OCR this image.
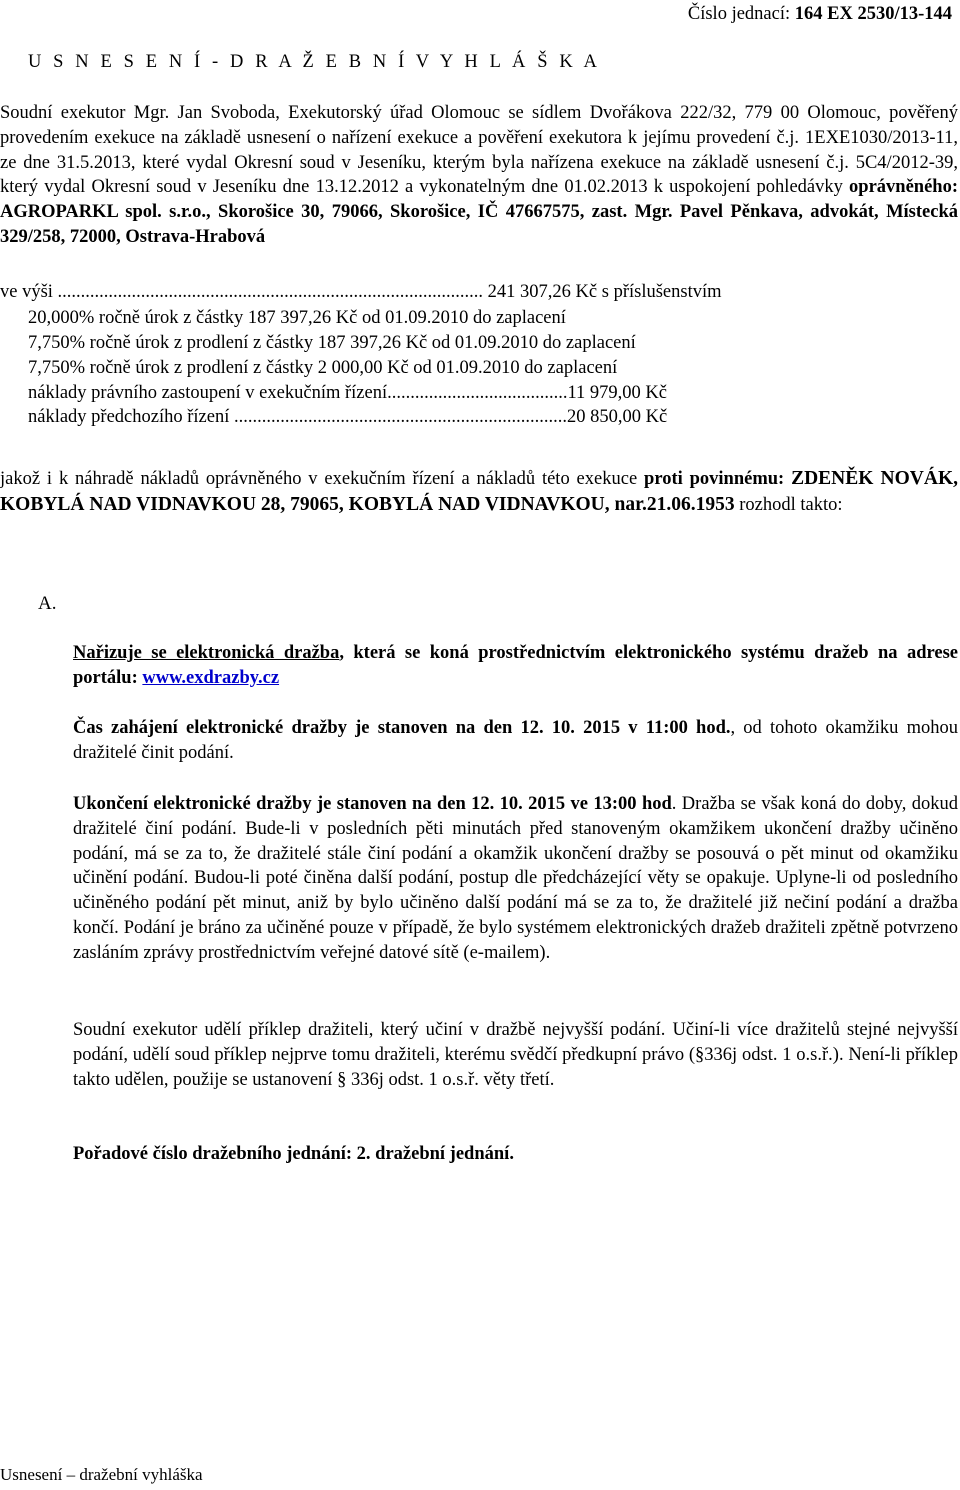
Číslo jednací: 164 EX 2530/13-144
U S N E S E N Í - D R A Ž E B N Í V Y H L Á Š K A

Soudní exekutor Mgr. Jan Svoboda, Exekutorský úřad Olomouc se sídlem Dvořákova 222/32, 779 00 Olomouc, pověřený provedením exekuce na základě usnesení o nařízení exekuce a pověření exekutora k jejímu provedení č.j. 1EXE1030/2013-11, ze dne 31.5.2013, které vydal Okresní soud v Jeseníku, kterým byla nařízena exekuce na základě usnesení č.j. 5C4/2012-39, který vydal Okresní soud v Jeseníku dne 13.12.2012 a vykonatelným dne 01.02.2013 k uspokojení pohledávky oprávněného: AGROPARKL spol. s.r.o., Skorošice 30, 79066, Skorošice, IČ 47667575, zast. Mgr. Pavel Pěnkava, advokát, Místecká 329/258, 72000, Ostrava-Hrabová

ve výši ............................................................................................ 241 307,26 Kč s příslušenstvím
20,000% ročně úrok z částky 187 397,26 Kč od 01.09.2010 do zaplacení
7,750% ročně úrok z prodlení z částky 187 397,26 Kč od 01.09.2010 do zaplacení
7,750% ročně úrok z prodlení z částky 2 000,00 Kč od 01.09.2010 do zaplacení
náklady právního zastoupení v exekučním řízení.......................................11 979,00 Kč
náklady předchozího řízení ........................................................................20 850,00 Kč

jakož i k náhradě nákladů oprávněného v exekučním řízení a nákladů této exekuce proti povinnému: ZDENĚK NOVÁK, KOBYLÁ NAD VIDNAVKOU 28, 79065, KOBYLÁ NAD VIDNAVKOU, nar.21.06.1953 rozhodl takto:

A.

Nařizuje se elektronická dražba, která se koná prostřednictvím elektronického systému dražeb na adrese portálu: www.exdrazby.cz

Čas zahájení elektronické dražby je stanoven na den 12. 10. 2015 v 11:00 hod., od tohoto okamžiku mohou dražitelé činit podání.

Ukončení elektronické dražby je stanoven na den 12. 10. 2015 ve 13:00 hod. Dražba se však koná do doby, dokud dražitelé činí podání. Bude-li v posledních pěti minutách před stanoveným okamžikem ukončení dražby učiněno podání, má se za to, že dražitelé stále činí podání a okamžik ukončení dražby se posouvá o pět minut od okamžiku učinění podání. Budou-li poté činěna další podání, postup dle předcházející věty se opakuje. Uplyne-li od posledního učiněného podání pět minut, aniž by bylo učiněno další podání má se za to, že dražitelé již nečiní podání a dražba končí. Podání je bráno za učiněné pouze v případě, že bylo systémem elektronických dražeb dražiteli zpětně potvrzeno zasláním zprávy prostřednictvím veřejné datové sítě (e-mailem).

Soudní exekutor udělí příklep dražiteli, který učiní v dražbě nejvyšší podání. Učiní-li více dražitelů stejné nejvyšší podání, udělí soud příklep nejprve tomu dražiteli, kterému svědčí předkupní právo (§336j odst. 1 o.s.ř.). Není-li příklep takto udělen, použije se ustanovení § 336j odst. 1 o.s.ř. věty třetí.

Pořadové číslo dražebního jednání: 2. dražební jednání.

Usnesení – dražební vyhláška
